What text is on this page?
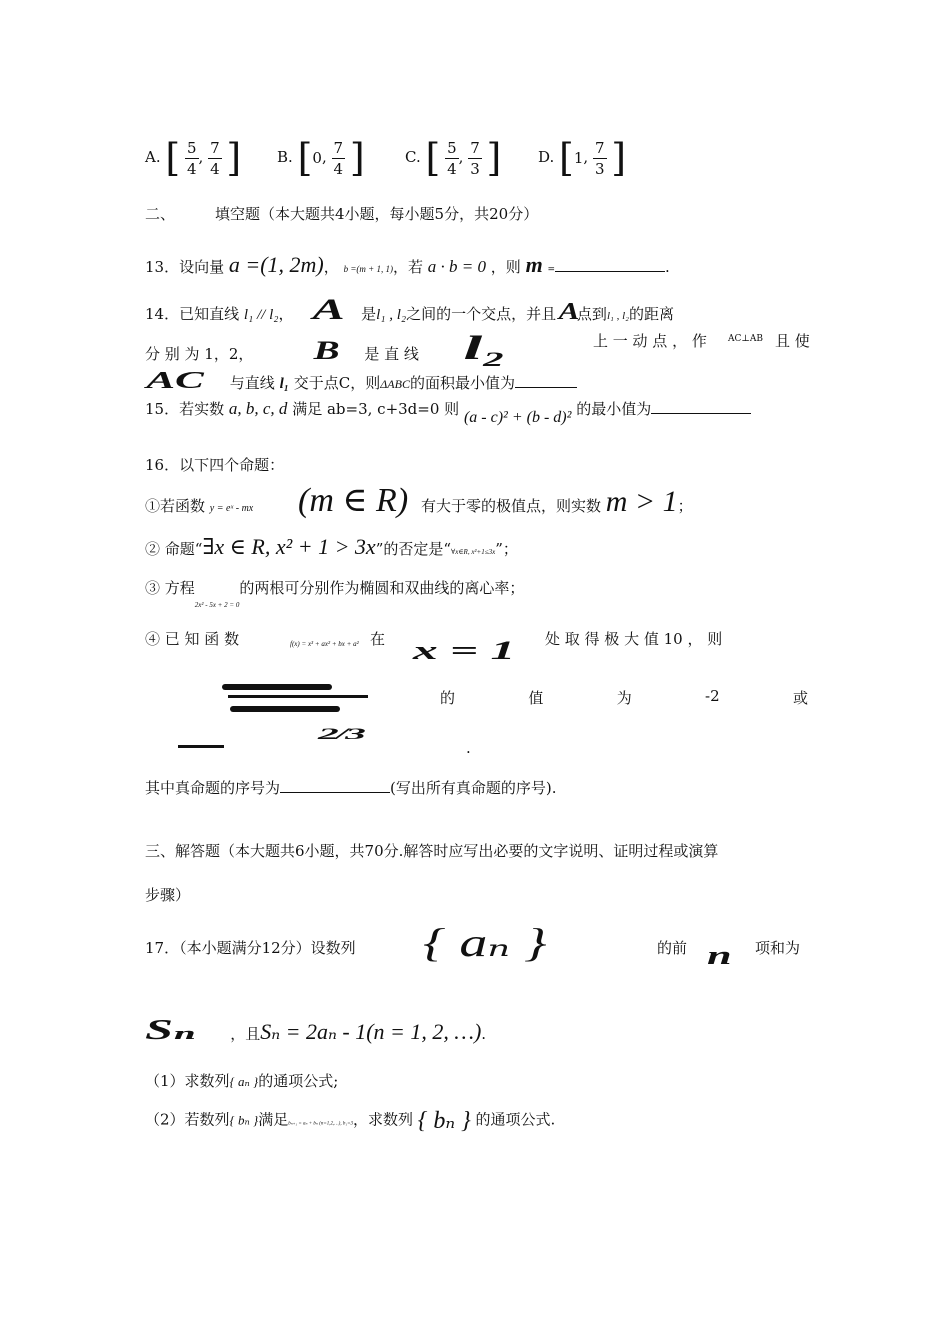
A. [ $\frac{5}{4}$ , $\frac{7}{4}$ ] B. [0, $\frac{7}{4}$ ]	C. [ $\frac{5}{4}$ , $\frac{7}{3}$ ] D. [1, $\frac{7}{3}$ ]
二、	填空题（本大题共4小题，每小题5分，共20分）
13．设向量 a =(1, 2m)， b =(m + 1, 1)，若 a · b = 0 ，则 m =	.
14．已知直线 l₁ // l₂， A 是l₁ , l₂之间的一个交点，并且 A点到l₁ , l₂的距离
分 别 为 1，2， B 是 直 线 l₂	上 一 动 点 ， 作 AC⊥AB 且 使
AC 与直线 l₁ 交于点C，则ΔABC的面积最小值为
15．若实数 a, b, c, d 满足 ab=3, c+3d=0 则 (a - c)² + (b - d)² 的最小值为
16．以下四个命题：
①若函数 y = eˣ - mx (m ∈ R) 有大于零的极值点，则实数 m > 1；
② 命题“∃x ∈ R, x² + 1 > 3x”的否定是“∀x∈R, x²+1≤3x”；
③ 方程$_{2x^2 - 5x + 2 = 0}$的两根可分别作为椭圆和双曲线的离心率；
④ 已 知 函 数	f(x) = x³ + ax² + bx + a² 在 x = 1 处 取 得 极 大 值 10 ， 则
的	值	为	-2	或
2/3
.
其中真命题的序号为	(写出所有真命题的序号).
三、解答题（本大题共6小题，共70分.解答时应写出必要的文字说明、证明过程或演算
步骤）
17．（本小题满分12分）设数列 { aₙ }	的前 n 项和为
Sₙ ，且Sₙ = 2aₙ - 1(n = 1, 2, …).
（1）求数列{ aₙ }的通项公式;
（2）若数列{ bₙ }满足bₙ₊₁ = aₙ + bₙ (n=1,2,…), b₁=3，求数列 { bₙ } 的通项公式.
